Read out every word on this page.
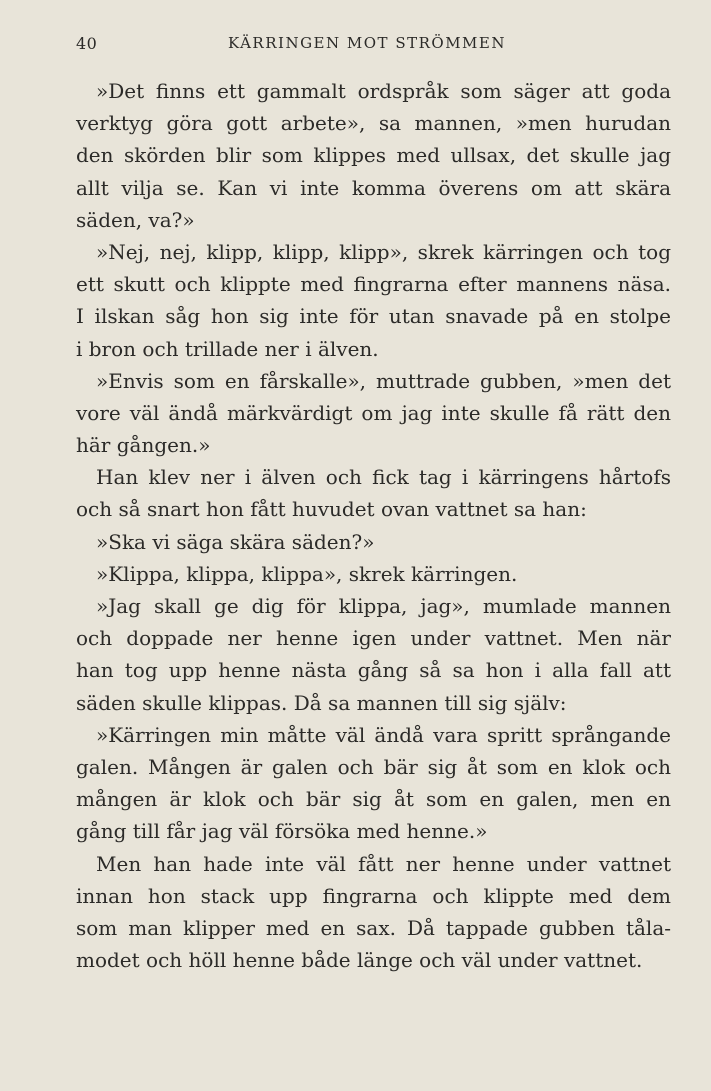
40	KÄRRINGEN MOT STRÖMMEN
»Det finns ett gammalt ordspråk som säger att goda
verktyg göra gott arbete», sa mannen, »men hurudan
den skörden blir som klippes med ullsax, det skulle jag
allt vilja se. Kan vi inte komma överens om att skära
säden, va?»
»Nej, nej, klipp, klipp, klipp», skrek kärringen och tog
ett skutt och klippte med fingrarna efter mannens näsa.
I ilskan såg hon sig inte för utan snavade på en stolpe
i bron och trillade ner i älven.
»Envis som en fårskalle», muttrade gubben, »men det
vore väl ändå märkvärdigt om jag inte skulle få rätt den
här gången.»
Han klev ner i älven och fick tag i kärringens hårtofs
och så snart hon fått huvudet ovan vattnet sa han:
»Ska vi säga skära säden?»
»Klippa, klippa, klippa», skrek kärringen.
»Jag skall ge dig för klippa, jag», mumlade mannen
och doppade ner henne igen under vattnet. Men när
han tog upp henne nästa gång så sa hon i alla fall att
säden skulle klippas. Då sa mannen till sig själv:
»Kärringen min måtte väl ändå vara spritt språngande
galen. Mången är galen och bär sig åt som en klok och
mången är klok och bär sig åt som en galen, men en
gång till får jag väl försöka med henne.»
Men han hade inte väl fått ner henne under vattnet
innan hon stack upp fingrarna och klippte med dem
som man klipper med en sax. Då tappade gubben tåla-
modet och höll henne både länge och väl under vattnet.
